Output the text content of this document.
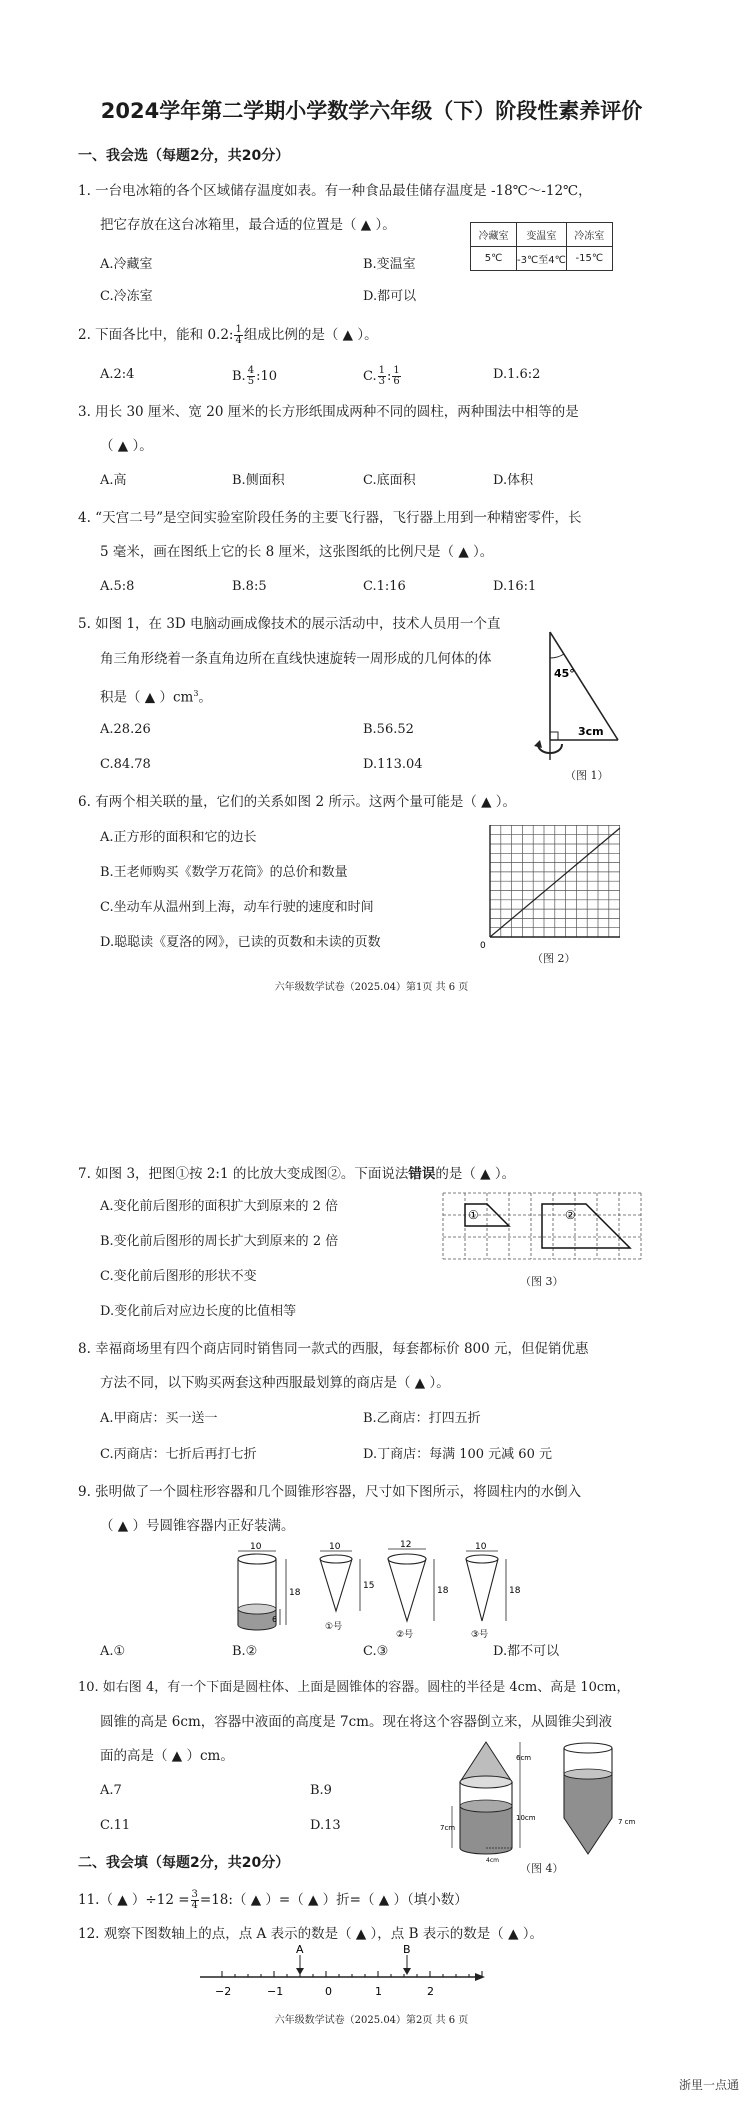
2024学年第二学期小学数学六年级（下）阶段性素养评价
一、我会选（每题2分，共20分）
1. 一台电冰箱的各个区域储存温度如表。有一种食品最佳储存温度是 -18℃～-12℃，
把它存放在这台冰箱里，最合适的位置是（ ▲ ）。
A.冷藏室	B.变温室
C.冷冻室	D.都可以
冷藏室	变温室	冷冻室
5℃	-3℃至4℃	-15℃
2. 下面各比中，能和 0.2: $\frac{1}{4}$ 组成比例的是（ ▲ ）。
A.2:4	B. $\frac{4}{5}$ :10	C. $\frac{1}{3}$ : $\frac{1}{6}$	D.1.6:2
3. 用长 30 厘米、宽 20 厘米的长方形纸围成两种不同的圆柱，两种围法中相等的是
（ ▲ ）。
A.高	B.侧面积	C.底面积	D.体积
4. “天宫二号”是空间实验室阶段任务的主要飞行器，飞行器上用到一种精密零件，长
5 毫米，画在图纸上它的长 8 厘米，这张图纸的比例尺是（ ▲ ）。
A.5:8	B.8:5	C.1:16	D.16:1
5. 如图 1，在 3D 电脑动画成像技术的展示活动中，技术人员用一个直
角三角形绕着一条直角边所在直线快速旋转一周形成的几何体的体
积是（ ▲ ）$cm^3$。
A.28.26	B.56.52
C.84.78	D.113.04
45°
3cm
（图 1）
6. 有两个相关联的量，它们的关系如图 2 所示。这两个量可能是（ ▲ ）。
A.正方形的面积和它的边长
B.王老师购买《数学万花筒》的总价和数量
C.坐动车从温州到上海，动车行驶的速度和时间
D.聪聪读《夏洛的网》，已读的页数和未读的页数	0
（图 2）
六年级数学试卷（2025.04）第1页 共 6 页
7. 如图 3，把图①按 2:1 的比放大变成图②。下面说法错误的是（ ▲ ）。
A.变化前后图形的面积扩大到原来的 2 倍
B.变化前后图形的周长扩大到原来的 2 倍
C.变化前后图形的形状不变
D.变化前后对应边长度的比值相等
①	②
（图 3）
8. 幸福商场里有四个商店同时销售同一款式的西服，每套都标价 800 元，但促销优惠
方法不同，以下购买两套这种西服最划算的商店是（ ▲ ）。
A.甲商店：买一送一	B.乙商店：打四五折
C.丙商店：七折后再打七折	D.丁商店：每满 100 元减 60 元
9. 张明做了一个圆柱形容器和几个圆锥形容器，尺寸如下图所示，将圆柱内的水倒入
（ ▲ ）号圆锥容器内正好装满。
10
18
6
10
15
①号
12
18
②号
10
18
③号
A.①	B.②	C.③	D.都不可以
10. 如右图 4，有一个下面是圆柱体、上面是圆锥体的容器。圆柱的半径是 4cm、高是 10cm，
圆锥的高是 6cm，容器中液面的高度是 7cm。现在将这个容器倒立来，从圆锥尖到液
面的高是（ ▲ ）cm。
A.7	B.9
C.11	D.13	7cm
6cm
10cm
4cm
7 cm
（图 4）
二、我会填（每题2分，共20分）
11.（ ▲ ）$\div 12 = \frac{3}{4}$ =18:（ ▲ ）=（ ▲ ）折=（ ▲ ）（填小数）
12. 观察下图数轴上的点，点 A 表示的数是（ ▲ ），点 B 表示的数是（ ▲ ）。
−2	−1	0	1	2
A	B
六年级数学试卷（2025.04）第2页 共 6 页
浙里一点通
